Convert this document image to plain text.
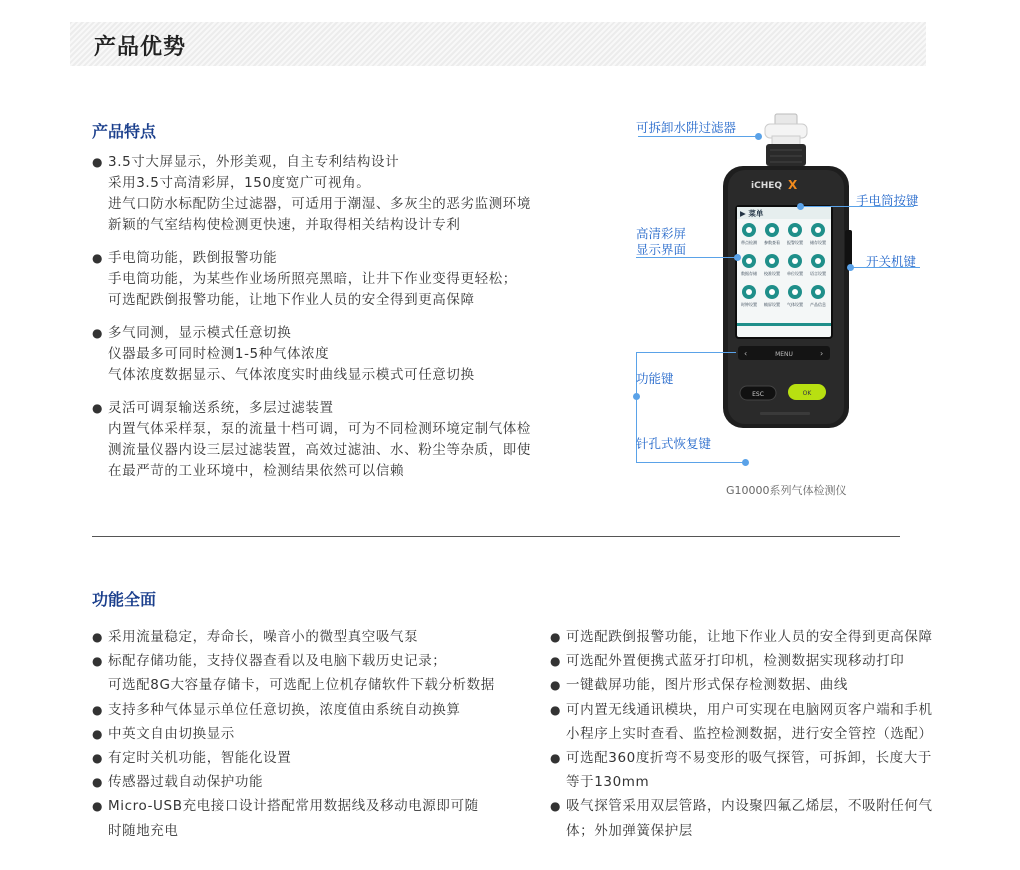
产品优势
产品特点
● 3.5寸大屏显示，外形美观，自主专利结构设计
采用3.5寸高清彩屏，150度宽广可视角。
进气口防水标配防尘过滤器，可适用于潮湿、多灰尘的恶劣监测环境
新颖的气室结构使检测更快速，并取得相关结构设计专利
● 手电筒功能，跌倒报警功能
手电筒功能，为某些作业场所照亮黑暗，让井下作业变得更轻松；
可选配跌倒报警功能，让地下作业人员的安全得到更高保障
● 多气同测，显示模式任意切换
仪器最多可同时检测1-5种气体浓度
气体浓度数据显示、气体浓度实时曲线显示模式可任意切换
● 灵活可调泵输送系统，多层过滤装置
内置气体采样泵，泵的流量十档可调，可为不同检测环境定制气体检
测流量仪器内设三层过滤装置，高效过滤油、水、粉尘等杂质，即使
在最严苛的工业环境中，检测结果依然可以信赖
iCHEQ X
▶ 菜单
带点检测 参数查看 报警设置 储存设置
数据存储 校准设置 单位设置 语言设置
时钟设置 帧屏设置 气体设置 产品信息
‹	›
MENU
ESC	OK
可拆卸水阱过滤器
手电筒按键
高清彩屏
显示界面
开关机键
功能键
针孔式恢复键
G10000系列气体检测仪
功能全面
● 采用流量稳定，寿命长，噪音小的微型真空吸气泵
● 标配存储功能，支持仪器查看以及电脑下载历史记录；
可选配8G大容量存储卡，可选配上位机存储软件下载分析数据
● 支持多种气体显示单位任意切换，浓度值由系统自动换算
● 中英文自由切换显示
● 有定时关机功能，智能化设置
● 传感器过载自动保护功能
● Micro-USB充电接口设计搭配常用数据线及移动电源即可随
时随地充电
● 可选配跌倒报警功能，让地下作业人员的安全得到更高保障
● 可选配外置便携式蓝牙打印机，检测数据实现移动打印
● 一键截屏功能，图片形式保存检测数据、曲线
● 可内置无线通讯模块，用户可实现在电脑网页客户端和手机
小程序上实时查看、监控检测数据，进行安全管控（选配）
● 可选配360度折弯不易变形的吸气探管，可拆卸，长度大于
等于130mm
● 吸气探管采用双层管路，内设聚四氟乙烯层，不吸附任何气
体；外加弹簧保护层
